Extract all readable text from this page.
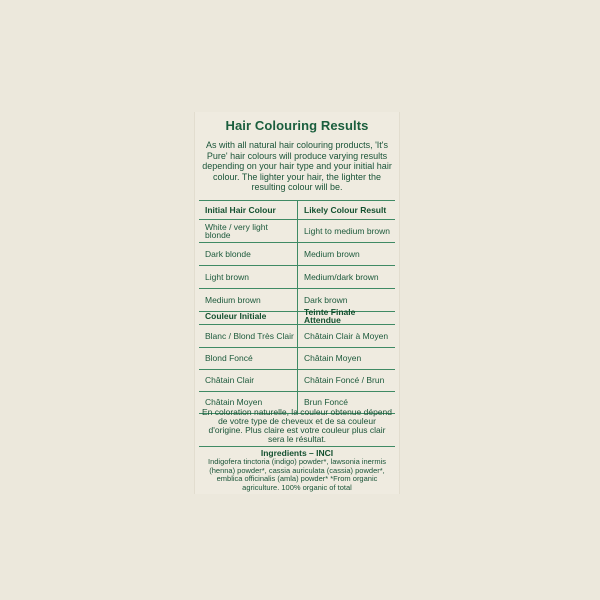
Hair Colouring Results
As with all natural hair colouring products, 'It's Pure' hair colours will produce varying results depending on your hair type and your initial hair colour. The lighter your hair, the lighter the resulting colour will be.
Initial Hair Colour	Likely Colour Result
White / very light blonde	Light to medium brown
Dark blonde	Medium brown
Light brown	Medium/dark brown
Medium brown	Dark brown
Couleur Initiale	Teinte Finale Attendue
Blanc / Blond Très Clair	Châtain Clair à Moyen
Blond Foncé	Châtain Moyen
Châtain Clair	Châtain Foncé / Brun
Châtain Moyen	Brun Foncé
En coloration naturelle, la couleur obtenue dépend de votre type de cheveux et de sa couleur d'origine. Plus claire est votre couleur plus clair sera le résultat.
Ingredients – INCI
Indigofera tinctoria (indigo) powder*, lawsonia inermis (henna) powder*, cassia auriculata (cassia) powder*, emblica officinalis (amla) powder* *From organic agriculture. 100% organic of total
